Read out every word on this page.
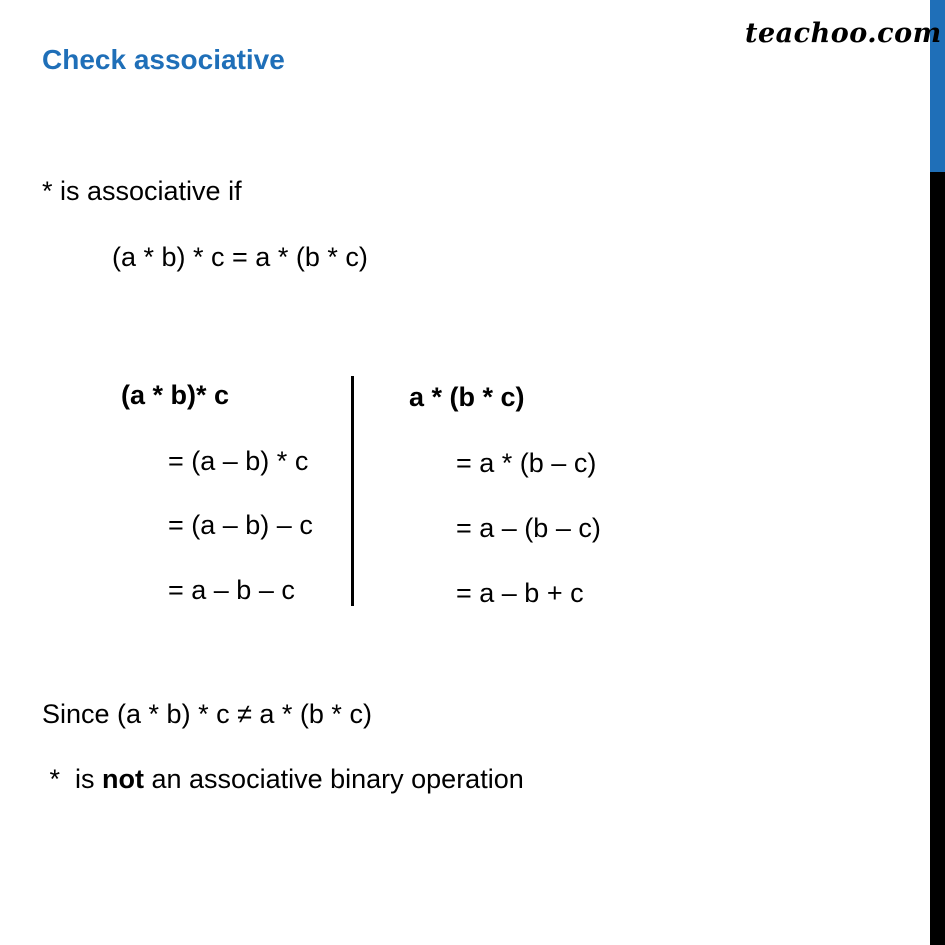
teachoo.com
Check associative
* is associative if
(a * b) * c = a * (b * c)
(a * b)* c
= (a – b) * c
= (a – b) – c
= a – b – c
a * (b * c)
= a * (b – c)
= a – (b – c)
= a – b + c
Since (a * b) * c ≠ a * (b * c)
*  is not an associative binary operation
